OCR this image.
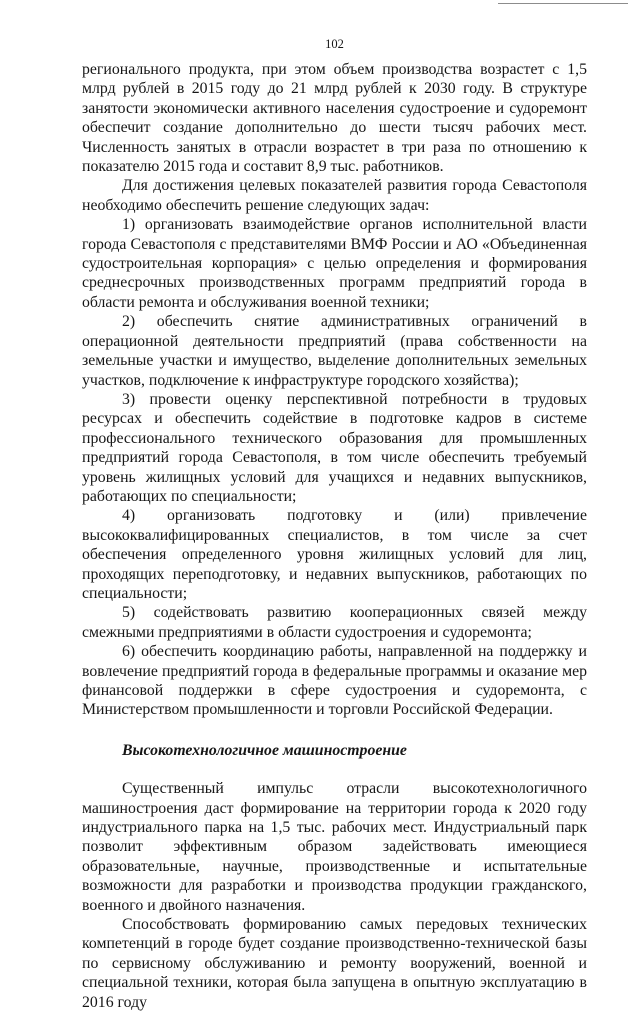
102

регионального продукта, при этом объем производства возрастет с 1,5 млрд рублей в 2015 году до 21 млрд рублей к 2030 году. В структуре занятости экономически активного населения судостроение и судоремонт обеспечит создание дополнительно до шести тысяч рабочих мест. Численность занятых в отрасли возрастет в три раза по отношению к показателю 2015 года и составит 8,9 тыс. работников.

Для достижения целевых показателей развития города Севастополя необходимо обеспечить решение следующих задач:

1) организовать взаимодействие органов исполнительной власти города Севастополя с представителями ВМФ России и АО «Объединенная судостроительная корпорация» с целью определения и формирования среднесрочных производственных программ предприятий города в области ремонта и обслуживания военной техники;

2) обеспечить снятие административных ограничений в операционной деятельности предприятий (права собственности на земельные участки и имущество, выделение дополнительных земельных участков, подключение к инфраструктуре городского хозяйства);

3) провести оценку перспективной потребности в трудовых ресурсах и обеспечить содействие в подготовке кадров в системе профессионального технического образования для промышленных предприятий города Севастополя, в том числе обеспечить требуемый уровень жилищных условий для учащихся и недавних выпускников, работающих по специальности;

4) организовать подготовку и (или) привлечение высококвалифицированных специалистов, в том числе за счет обеспечения определенного уровня жилищных условий для лиц, проходящих переподготовку, и недавних выпускников, работающих по специальности;

5) содействовать развитию кооперационных связей между смежными предприятиями в области судостроения и судоремонта;

6) обеспечить координацию работы, направленной на поддержку и вовлечение предприятий города в федеральные программы и оказание мер финансовой поддержки в сфере судостроения и судоремонта, с Министерством промышленности и торговли Российской Федерации.

Высокотехнологичное машиностроение

Существенный импульс отрасли высокотехнологичного машиностроения даст формирование на территории города к 2020 году индустриального парка на 1,5 тыс. рабочих мест. Индустриальный парк позволит эффективным образом задействовать имеющиеся образовательные, научные, производственные и испытательные возможности для разработки и производства продукции гражданского, военного и двойного назначения.

Способствовать формированию самых передовых технических компетенций в городе будет создание производственно-технической базы по сервисному обслуживанию и ремонту вооружений, военной и специальной техники, которая была запущена в опытную эксплуатацию в 2016 году
